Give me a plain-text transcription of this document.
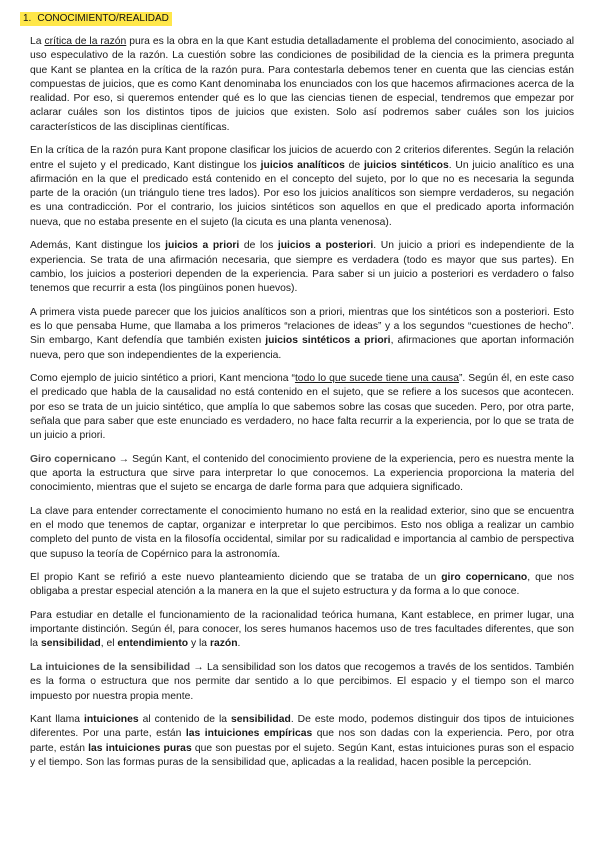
1. CONOCIMIENTO/REALIDAD

La crítica de la razón pura es la obra en la que Kant estudia detalladamente el problema del conocimiento, asociado al uso especulativo de la razón. La cuestión sobre las condiciones de posibilidad de la ciencia es la primera pregunta que Kant se plantea en la crítica de la razón pura. Para contestarla debemos tener en cuenta que las ciencias están compuestas de juicios, que es como Kant denominaba los enunciados con los que hacemos afirmaciones acerca de la realidad. Por eso, si queremos entender qué es lo que las ciencias tienen de especial, tendremos que empezar por aclarar cuáles son los distintos tipos de juicios que existen. Solo así podremos saber cuáles son los juicios característicos de las disciplinas científicas.

En la crítica de la razón pura Kant propone clasificar los juicios de acuerdo con 2 criterios diferentes. Según la relación entre el sujeto y el predicado, Kant distingue los juicios analíticos de juicios sintéticos. Un juicio analítico es una afirmación en la que el predicado está contenido en el concepto del sujeto, por lo que no es necesaria la segunda parte de la oración (un triángulo tiene tres lados). Por eso los juicios analíticos son siempre verdaderos, su negación es una contradicción. Por el contrario, los juicios sintéticos son aquellos en que el predicado aporta información nueva, que no estaba presente en el sujeto (la cicuta es una planta venenosa).

Además, Kant distingue los juicios a priori de los juicios a posteriori. Un juicio a priori es independiente de la experiencia. Se trata de una afirmación necesaria, que siempre es verdadera (todo es mayor que sus partes). En cambio, los juicios a posteriori dependen de la experiencia. Para saber si un juicio a posteriori es verdadero o falso tenemos que recurrir a esta (los pingüinos ponen huevos).

A primera vista puede parecer que los juicios analíticos son a priori, mientras que los sintéticos son a posteriori. Esto es lo que pensaba Hume, que llamaba a los primeros “relaciones de ideas” y a los segundos “cuestiones de hecho”. Sin embargo, Kant defendía que también existen juicios sintéticos a priori, afirmaciones que aportan información nueva, pero que son independientes de la experiencia.

Como ejemplo de juicio sintético a priori, Kant menciona “todo lo que sucede tiene una causa”. Según él, en este caso el predicado que habla de la causalidad no está contenido en el sujeto, que se refiere a los sucesos que acontecen. por eso se trata de un juicio sintético, que amplía lo que sabemos sobre las cosas que suceden. Pero, por otra parte, señala que para saber que este enunciado es verdadero, no hace falta recurrir a la experiencia, por lo que se trata de un juicio a priori.

Giro copernicano → Según Kant, el contenido del conocimiento proviene de la experiencia, pero es nuestra mente la que aporta la estructura que sirve para interpretar lo que conocemos. La experiencia proporciona la materia del conocimiento, mientras que el sujeto se encarga de darle forma para que adquiera significado.

La clave para entender correctamente el conocimiento humano no está en la realidad exterior, sino que se encuentra en el modo que tenemos de captar, organizar e interpretar lo que percibimos. Esto nos obliga a realizar un cambio completo del punto de vista en la filosofía occidental, similar por su radicalidad e importancia al cambio de perspectiva que supuso la teoría de Copérnico para la astronomía.

El propio Kant se refirió a este nuevo planteamiento diciendo que se trataba de un giro copernicano, que nos obligaba a prestar especial atención a la manera en la que el sujeto estructura y da forma a lo que conoce.

Para estudiar en detalle el funcionamiento de la racionalidad teórica humana, Kant establece, en primer lugar, una importante distinción. Según él, para conocer, los seres humanos hacemos uso de tres facultades diferentes, que son la sensibilidad, el entendimiento y la razón.

La intuiciones de la sensibilidad → La sensibilidad son los datos que recogemos a través de los sentidos. También es la forma o estructura que nos permite dar sentido a lo que percibimos. El espacio y el tiempo son el marco impuesto por nuestra propia mente.

Kant llama intuiciones al contenido de la sensibilidad. De este modo, podemos distinguir dos tipos de intuiciones diferentes. Por una parte, están las intuiciones empíricas que nos son dadas con la experiencia. Pero, por otra parte, están las intuiciones puras que son puestas por el sujeto. Según Kant, estas intuiciones puras son el espacio y el tiempo. Son las formas puras de la sensibilidad que, aplicadas a la realidad, hacen posible la percepción.
